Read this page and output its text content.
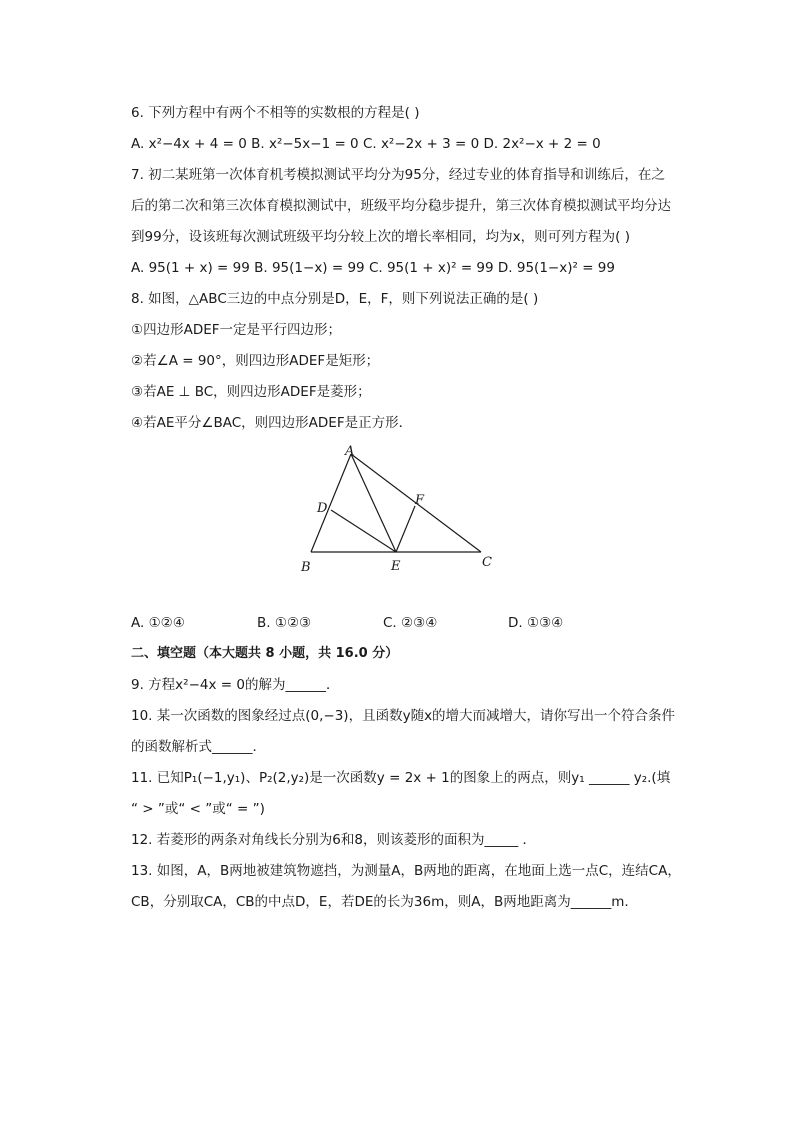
6. 下列方程中有两个不相等的实数根的方程是( )
A. x²−4x + 4 = 0 B. x²−5x−1 = 0 C. x²−2x + 3 = 0 D. 2x²−x + 2 = 0
7. 初二某班第一次体育机考模拟测试平均分为95分，经过专业的体育指导和训练后，在之
后的第二次和第三次体育模拟测试中，班级平均分稳步提升，第三次体育模拟测试平均分达
到99分，设该班每次测试班级平均分较上次的增长率相同，均为x，则可列方程为( )
A. 95(1 + x) = 99 B. 95(1−x) = 99 C. 95(1 + x)² = 99 D. 95(1−x)² = 99
8. 如图，△ABC三边的中点分别是D，E，F，则下列说法正确的是( )
①四边形ADEF一定是平行四边形；
②若∠A = 90°，则四边形ADEF是矩形；
③若AE ⊥ BC，则四边形ADEF是菱形；
④若AE平分∠BAC，则四边形ADEF是正方形．
A
B	C
D
E
F
A. ①②④	B. ①②③	C. ②③④	D. ①③④
二、填空题（本大题共 8 小题，共 16.0 分）
9. 方程x²−4x = 0的解为______．
10. 某一次函数的图象经过点(0,−3)，且函数y随x的增大而减增大，请你写出一个符合条件
的函数解析式______．
11. 已知P₁(−1,y₁)、P₂(2,y₂)是一次函数y = 2x + 1的图象上的两点，则y₁ ______ y₂.(填
“ > ”或“ < ”或“ = ”)
12. 若菱形的两条对角线长分别为6和8，则该菱形的面积为_____ ．
13. 如图，A，B两地被建筑物遮挡，为测量A，B两地的距离，在地面上选一点C，连结CA，
CB，分别取CA，CB的中点D，E，若DE的长为36m，则A，B两地距离为______m.
